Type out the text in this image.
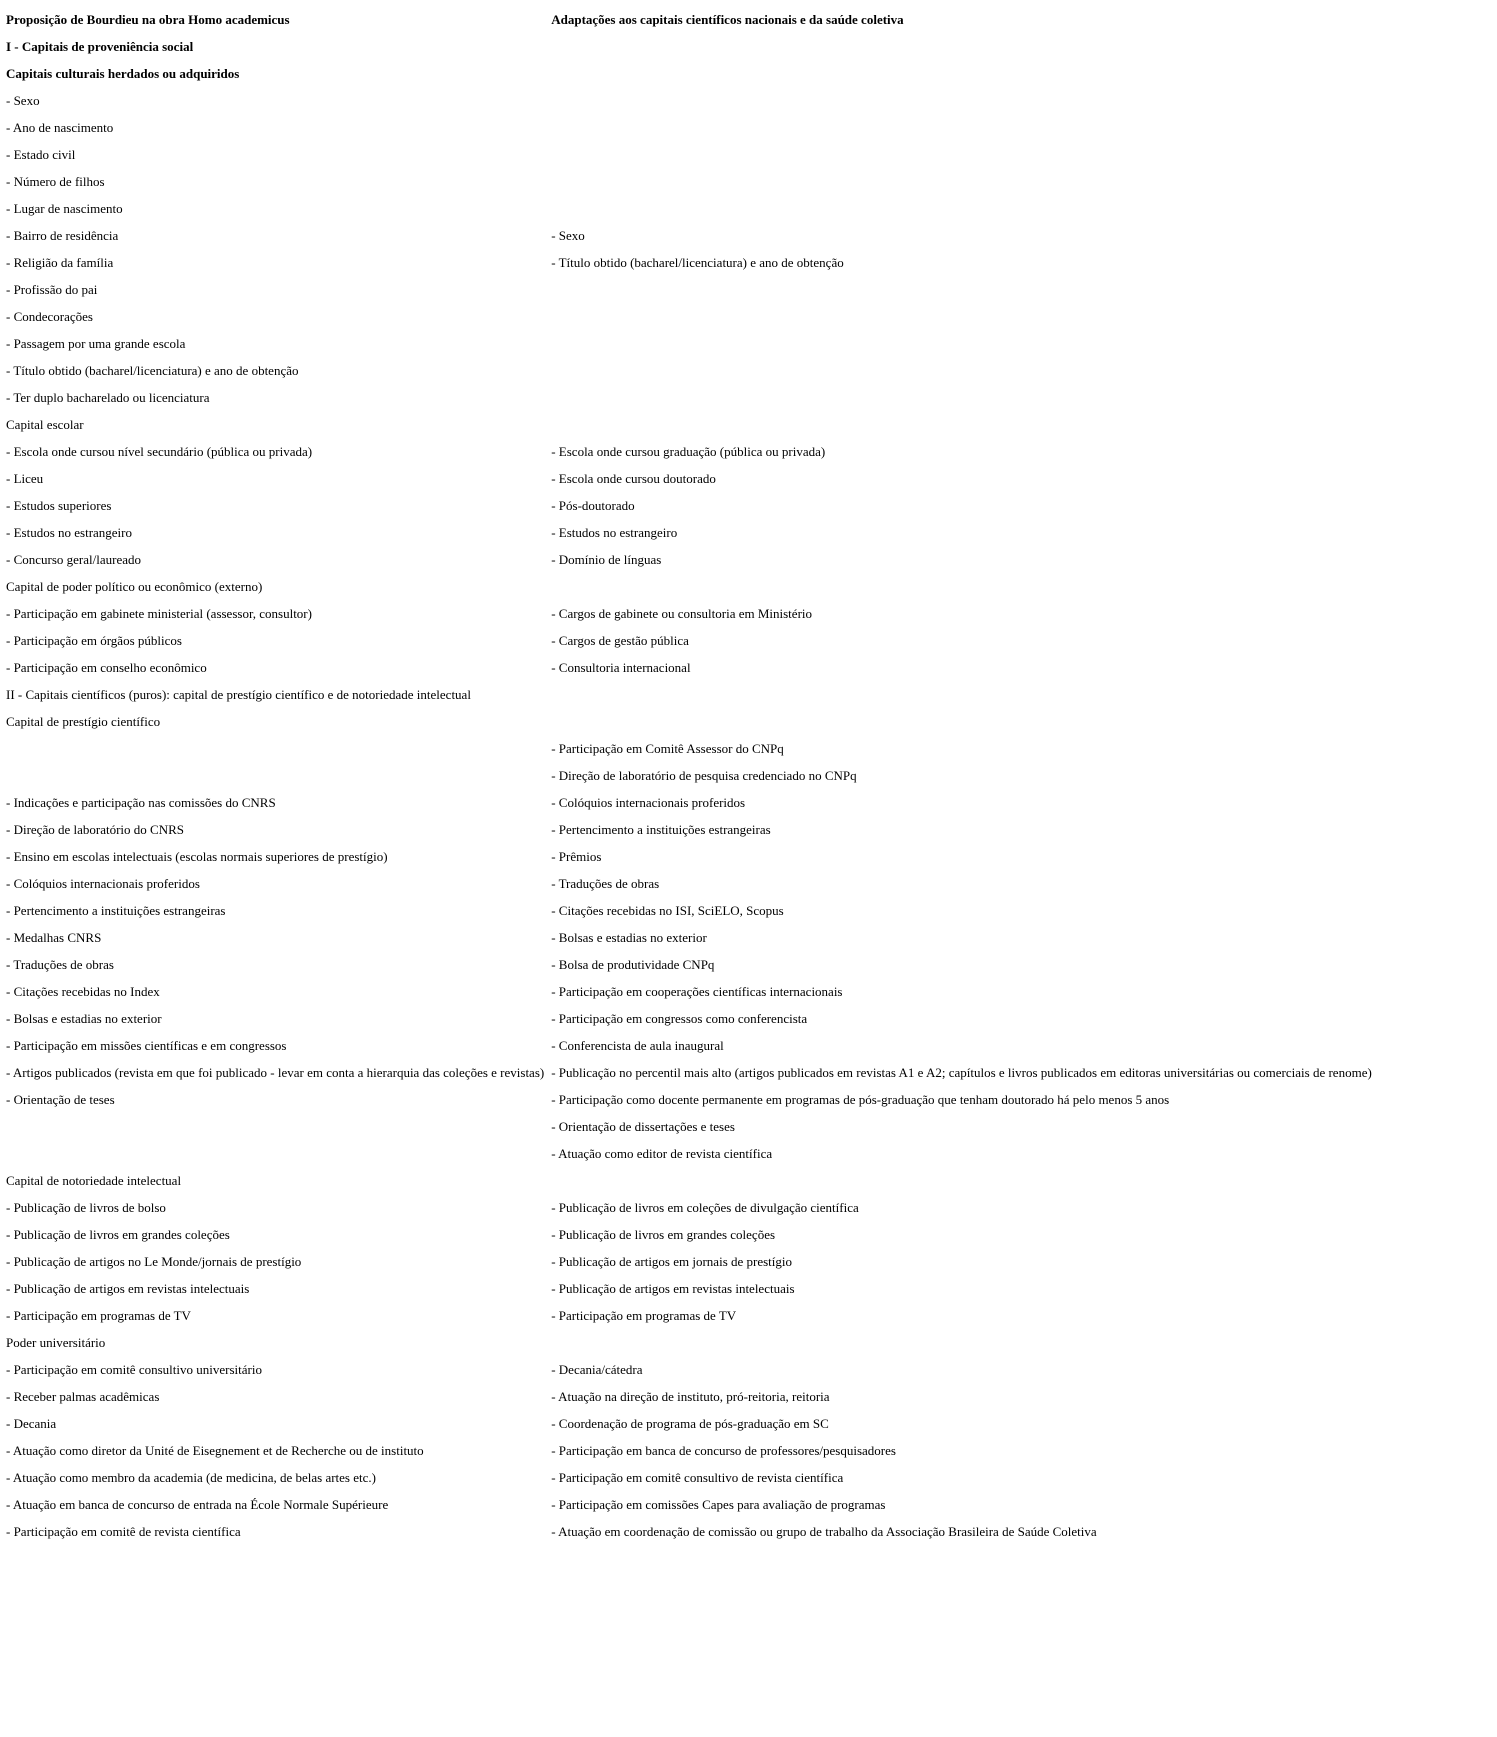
Proposição de Bourdieu na obra Homo academicus	Adaptações aos capitais científicos nacionais e da saúde coletiva
I - Capitais de proveniência social	
Capitais culturais herdados ou adquiridos	
- Sexo	
- Ano de nascimento	
- Estado civil	
- Número de filhos	
- Lugar de nascimento	
- Bairro de residência	- Sexo
- Religião da família	- Título obtido (bacharel/licenciatura) e ano de obtenção
- Profissão do pai	
- Condecorações	
- Passagem por uma grande escola	
- Título obtido (bacharel/licenciatura) e ano de obtenção	
- Ter duplo bacharelado ou licenciatura	
Capital escolar	
- Escola onde cursou nível secundário (pública ou privada)	- Escola onde cursou graduação (pública ou privada)
- Liceu	- Escola onde cursou doutorado
- Estudos superiores	- Pós-doutorado
- Estudos no estrangeiro	- Estudos no estrangeiro
- Concurso geral/laureado	- Domínio de línguas
Capital de poder político ou econômico (externo)	
- Participação em gabinete ministerial (assessor, consultor)	- Cargos de gabinete ou consultoria em Ministério
- Participação em órgãos públicos	- Cargos de gestão pública
- Participação em conselho econômico	- Consultoria internacional
II - Capitais científicos (puros): capital de prestígio científico e de notoriedade intelectual	
Capital de prestígio científico	
	- Participação em Comitê Assessor do CNPq
	- Direção de laboratório de pesquisa credenciado no CNPq
- Indicações e participação nas comissões do CNRS	- Colóquios internacionais proferidos
- Direção de laboratório do CNRS	- Pertencimento a instituições estrangeiras
- Ensino em escolas intelectuais (escolas normais superiores de prestígio)	- Prêmios
- Colóquios internacionais proferidos	- Traduções de obras
- Pertencimento a instituições estrangeiras	- Citações recebidas no ISI, SciELO, Scopus
- Medalhas CNRS	- Bolsas e estadias no exterior
- Traduções de obras	- Bolsa de produtividade CNPq
- Citações recebidas no Index	- Participação em cooperações científicas internacionais
- Bolsas e estadias no exterior	- Participação em congressos como conferencista
- Participação em missões científicas e em congressos	- Conferencista de aula inaugural
- Artigos publicados (revista em que foi publicado - levar em conta a hierarquia das coleções e revistas)	- Publicação no percentil mais alto (artigos publicados em revistas A1 e A2; capítulos e livros publicados em editoras universitárias ou comerciais de renome)
- Orientação de teses	- Participação como docente permanente em programas de pós-graduação que tenham doutorado há pelo menos 5 anos
	- Orientação de dissertações e teses
	- Atuação como editor de revista científica
Capital de notoriedade intelectual	
- Publicação de livros de bolso	- Publicação de livros em coleções de divulgação científica
- Publicação de livros em grandes coleções	- Publicação de livros em grandes coleções
- Publicação de artigos no Le Monde/jornais de prestígio	- Publicação de artigos em jornais de prestígio
- Publicação de artigos em revistas intelectuais	- Publicação de artigos em revistas intelectuais
- Participação em programas de TV	- Participação em programas de TV
Poder universitário	
- Participação em comitê consultivo universitário	- Decania/cátedra
- Receber palmas acadêmicas	- Atuação na direção de instituto, pró-reitoria, reitoria
- Decania	- Coordenação de programa de pós-graduação em SC
- Atuação como diretor da Unité de Eisegnement et de Recherche ou de instituto	- Participação em banca de concurso de professores/pesquisadores
- Atuação como membro da academia (de medicina, de belas artes etc.)	- Participação em comitê consultivo de revista científica
- Atuação em banca de concurso de entrada na École Normale Supérieure	- Participação em comissões Capes para avaliação de programas
- Participação em comitê de revista científica	- Atuação em coordenação de comissão ou grupo de trabalho da Associação Brasileira de Saúde Coletiva
